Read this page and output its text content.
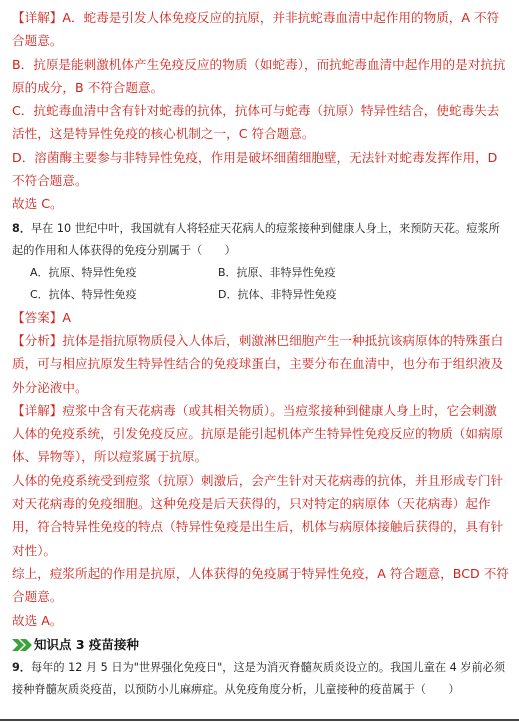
【详解】A．蛇毒是引发人体免疫反应的抗原，并非抗蛇毒血清中起作用的物质，A 不符合题意。

B．抗原是能刺激机体产生免疫反应的物质（如蛇毒），而抗蛇毒血清中起作用的是对抗抗原的成分，B 不符合题意。

C．抗蛇毒血清中含有针对蛇毒的抗体，抗体可与蛇毒（抗原）特异性结合，使蛇毒失去活性，这是特异性免疫的核心机制之一，C 符合题意。

D．溶菌酶主要参与非特异性免疫，作用是破坏细菌细胞壁，无法针对蛇毒发挥作用，D 不符合题意。

故选 C。

8．早在 10 世纪中叶，我国就有人将轻症天花病人的痘浆接种到健康人身上，来预防天花。痘浆所起的作用和人体获得的免疫分别属于（　　）

A．抗原、特异性免疫	B．抗原、非特异性免疫
C．抗体、特异性免疫	D．抗体、非特异性免疫

【答案】A

【分析】抗体是指抗原物质侵入人体后，刺激淋巴细胞产生一种抵抗该病原体的特殊蛋白质，可与相应抗原发生特异性结合的免疫球蛋白，主要分布在血清中，也分布于组织液及外分泌液中。

【详解】痘浆中含有天花病毒（或其相关物质）。当痘浆接种到健康人身上时，它会刺激人体的免疫系统，引发免疫反应。抗原是能引起机体产生特异性免疫反应的物质（如病原体、异物等），所以痘浆属于抗原。

人体的免疫系统受到痘浆（抗原）刺激后，会产生针对天花病毒的抗体，并且形成专门针对天花病毒的免疫细胞。这种免疫是后天获得的，只对特定的病原体（天花病毒）起作用，符合特异性免疫的特点（特异性免疫是出生后，机体与病原体接触后获得的，具有针对性）。

综上，痘浆所起的作用是抗原，人体获得的免疫属于特异性免疫，A 符合题意，BCD 不符合题意。

故选 A。

知识点 3 疫苗接种

9．每年的 12 月 5 日为"世界强化免疫日"，这是为消灭脊髓灰质炎设立的。我国儿童在 4 岁前必须接种脊髓灰质炎疫苗，以预防小儿麻痹症。从免疫角度分析，儿童接种的疫苗属于（　　）
